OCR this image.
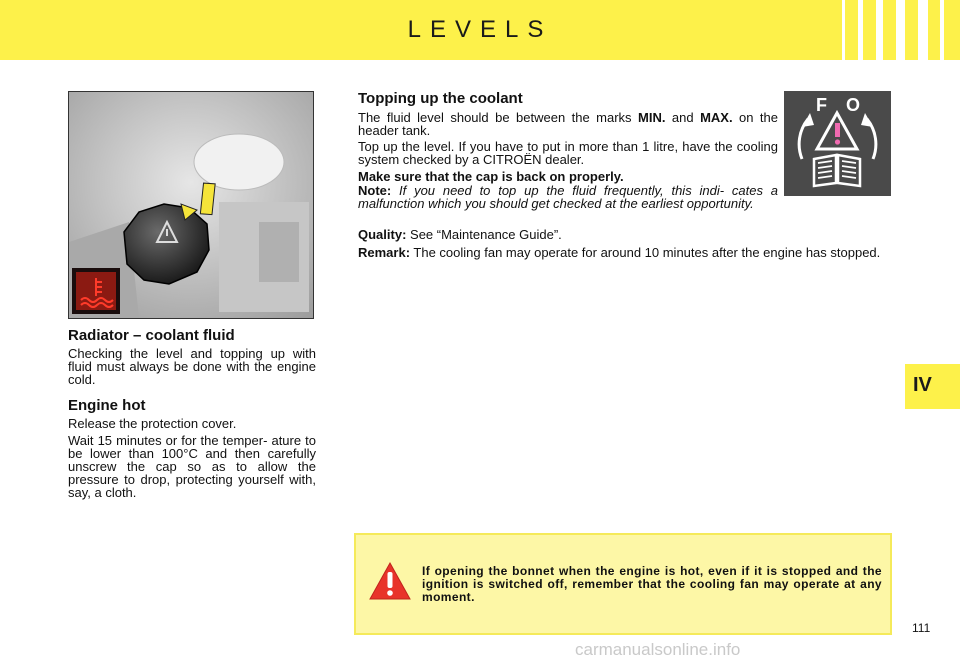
LEVELS
IV

Radiator – coolant fluid

Checking the level and topping up with fluid must always be done with the engine cold.

Engine hot

Release the protection cover.

Wait 15 minutes or for the temper- ature to be lower than 100°C and then carefully unscrew the cap so as to allow the pressure to drop, protecting yourself with, say, a cloth.

Topping up the coolant

The fluid level should be between the marks MIN. and MAX. on the header tank.

Top up the level. If you have to put in more than 1 litre, have the cooling system checked by a CITROËN dealer.

Make sure that the cap is back on properly.

Note: If you need to top up the fluid frequently, this indi- cates a malfunction which you should get checked at the earliest opportunity.

Quality: See “Maintenance Guide”.

Remark: The cooling fan may operate for around 10 minutes after the engine has stopped.

F O

If opening the bonnet when the engine is hot, even if it is stopped and the ignition is switched off, remember that the cooling fan may operate at any moment.

111
carmanualsonline.info
